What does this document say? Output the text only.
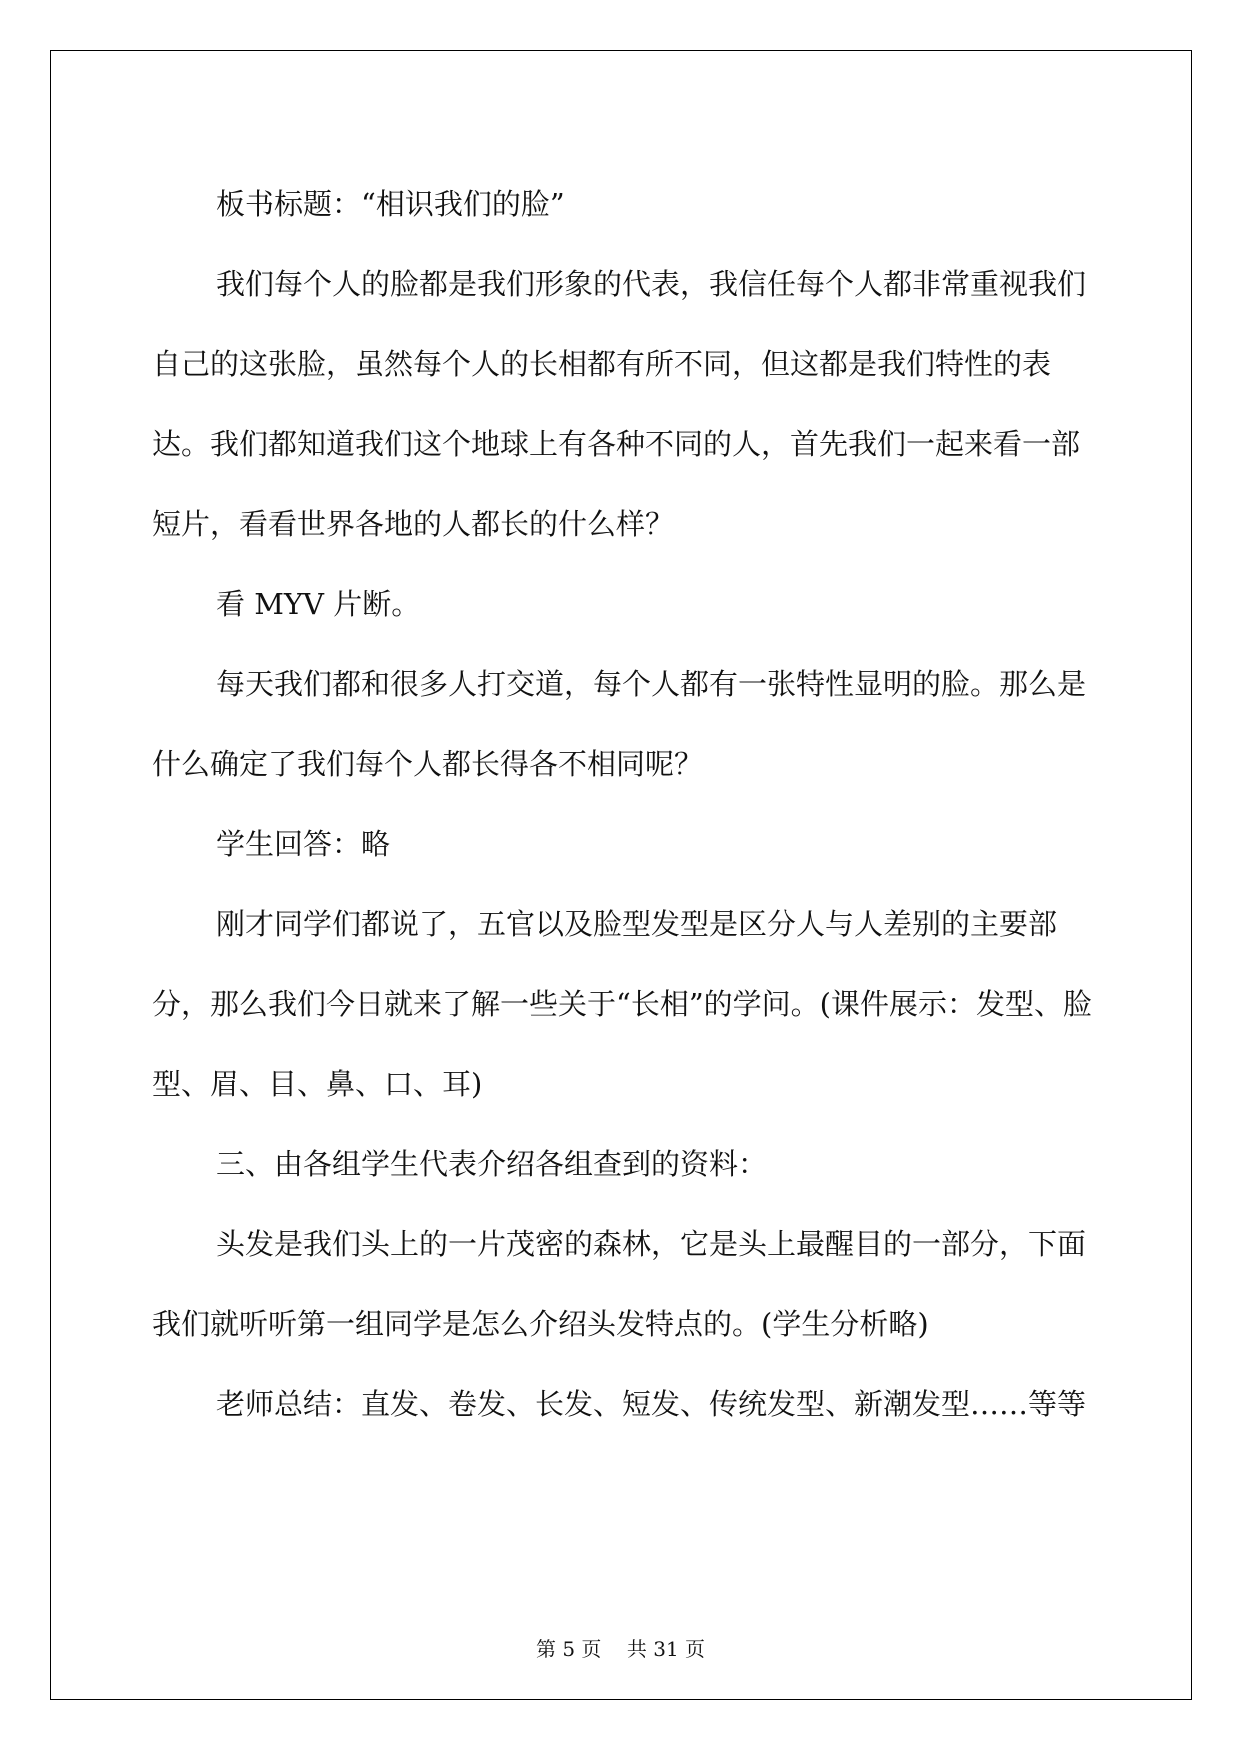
板书标题：“相识我们的脸”

我们每个人的脸都是我们形象的代表，我信任每个人都非常重视我们自己的这张脸，虽然每个人的长相都有所不同，但这都是我们特性的表达。我们都知道我们这个地球上有各种不同的人，首先我们一起来看一部短片，看看世界各地的人都长的什么样？

看 MYV 片断。

每天我们都和很多人打交道，每个人都有一张特性显明的脸。那么是什么确定了我们每个人都长得各不相同呢？

学生回答：略

刚才同学们都说了，五官以及脸型发型是区分人与人差别的主要部分，那么我们今日就来了解一些关于“长相”的学问。(课件展示：发型、脸型、眉、目、鼻、口、耳)

三、由各组学生代表介绍各组查到的资料：

头发是我们头上的一片茂密的森林，它是头上最醒目的一部分，下面我们就听听第一组同学是怎么介绍头发特点的。(学生分析略)

老师总结：直发、卷发、长发、短发、传统发型、新潮发型……等等

第 5 页 共 31 页
